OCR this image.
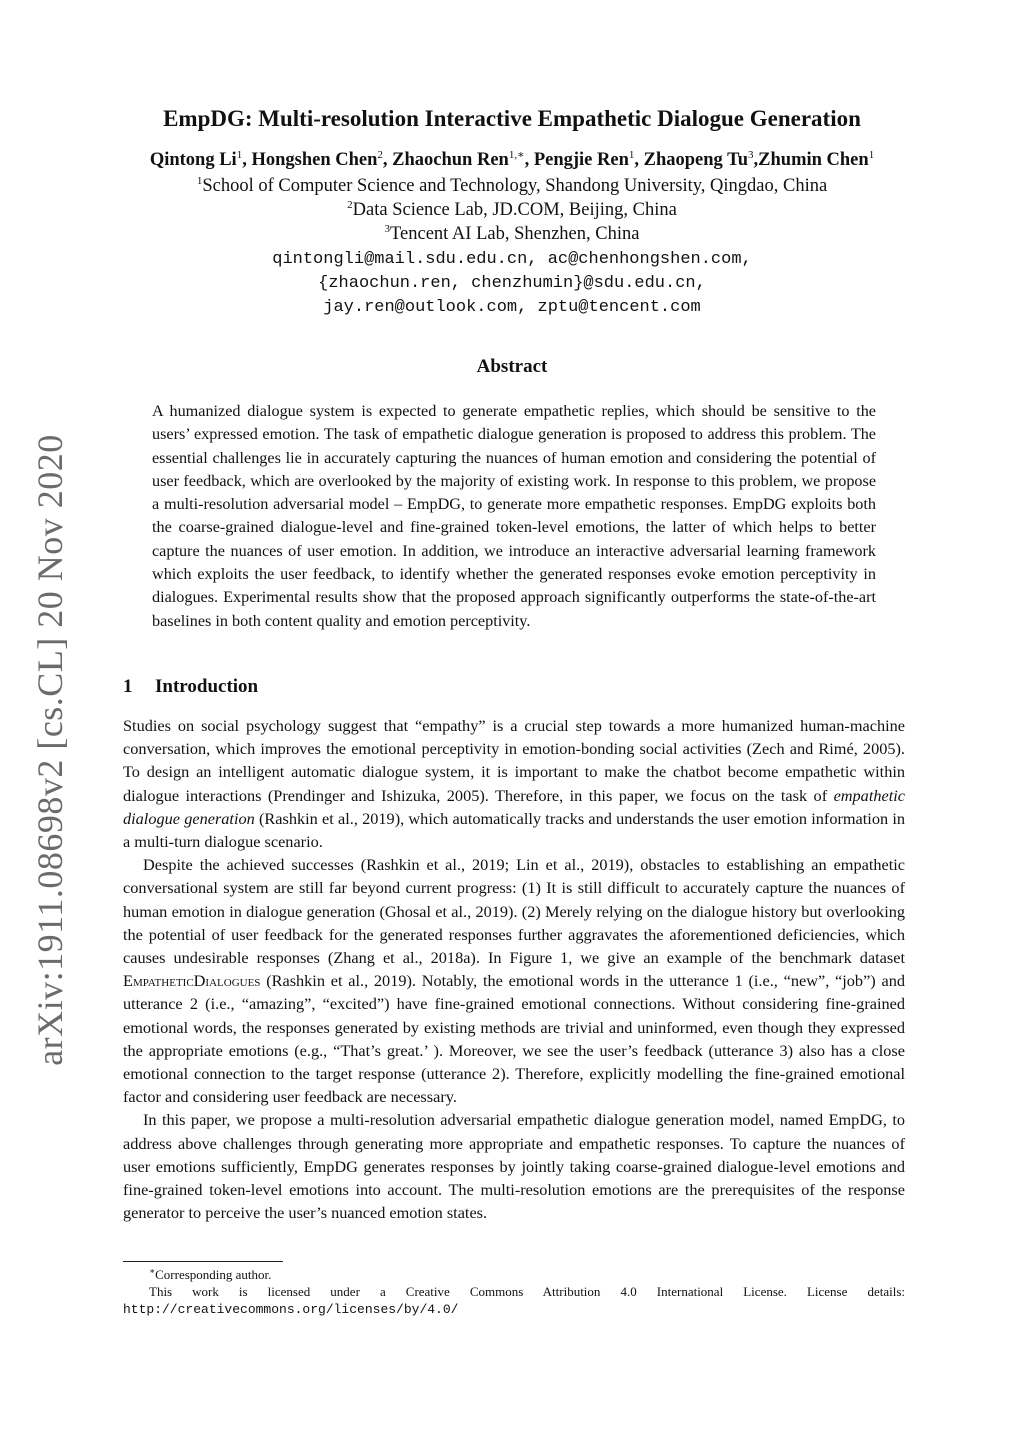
arXiv:1911.08698v2 [cs.CL] 20 Nov 2020
EmpDG: Multi-resolution Interactive Empathetic Dialogue Generation
Qintong Li$^1$, Hongshen Chen$^2$, Zhaochun Ren$^{1,∗}$, Pengjie Ren$^1$, Zhaopeng Tu$^3$,Zhumin Chen$^1$
$^1$School of Computer Science and Technology, Shandong University, Qingdao, China
$^2$Data Science Lab, JD.COM, Beijing, China
$^3$Tencent AI Lab, Shenzhen, China
qintongli@mail.sdu.edu.cn, ac@chenhongshen.com,
{zhaochun.ren, chenzhumin}@sdu.edu.cn,
jay.ren@outlook.com, zptu@tencent.com
Abstract
A humanized dialogue system is expected to generate empathetic replies, which should be sensitive to the users’ expressed emotion. The task of empathetic dialogue generation is proposed to address this problem. The essential challenges lie in accurately capturing the nuances of human emotion and considering the potential of user feedback, which are overlooked by the majority of existing work. In response to this problem, we propose a multi-resolution adversarial model – EmpDG, to generate more empathetic responses. EmpDG exploits both the coarse-grained dialogue-level and fine-grained token-level emotions, the latter of which helps to better capture the nuances of user emotion. In addition, we introduce an interactive adversarial learning framework which exploits the user feedback, to identify whether the generated responses evoke emotion perceptivity in dialogues. Experimental results show that the proposed approach significantly outperforms the state-of-the-art baselines in both content quality and emotion perceptivity.
1 Introduction

Studies on social psychology suggest that “empathy” is a crucial step towards a more humanized human-machine conversation, which improves the emotional perceptivity in emotion-bonding social activities (Zech and Rimé, 2005). To design an intelligent automatic dialogue system, it is important to make the chatbot become empathetic within dialogue interactions (Prendinger and Ishizuka, 2005). Therefore, in this paper, we focus on the task of empathetic dialogue generation (Rashkin et al., 2019), which automatically tracks and understands the user emotion information in a multi-turn dialogue scenario.

Despite the achieved successes (Rashkin et al., 2019; Lin et al., 2019), obstacles to establishing an empathetic conversational system are still far beyond current progress: (1) It is still difficult to accurately capture the nuances of human emotion in dialogue generation (Ghosal et al., 2019). (2) Merely relying on the dialogue history but overlooking the potential of user feedback for the generated responses further aggravates the aforementioned deficiencies, which causes undesirable responses (Zhang et al., 2018a). In Figure 1, we give an example of the benchmark dataset EmpatheticDialogues (Rashkin et al., 2019). Notably, the emotional words in the utterance 1 (i.e., “new”, “job”) and utterance 2 (i.e., “amazing”, “excited”) have fine-grained emotional connections. Without considering fine-grained emotional words, the responses generated by existing methods are trivial and uninformed, even though they expressed the appropriate emotions (e.g., “That’s great.’ ). Moreover, we see the user’s feedback (utterance 3) also has a close emotional connection to the target response (utterance 2). Therefore, explicitly modelling the fine-grained emotional factor and considering user feedback are necessary.

In this paper, we propose a multi-resolution adversarial empathetic dialogue generation model, named EmpDG, to address above challenges through generating more appropriate and empathetic responses. To capture the nuances of user emotions sufficiently, EmpDG generates responses by jointly taking coarse-grained dialogue-level emotions and fine-grained token-level emotions into account. The multi-resolution emotions are the prerequisites of the response generator to perceive the user’s nuanced emotion states.

∗Corresponding author.
This work is licensed under a Creative Commons Attribution 4.0 International License. License details: http://creativecommons.org/licenses/by/4.0/
